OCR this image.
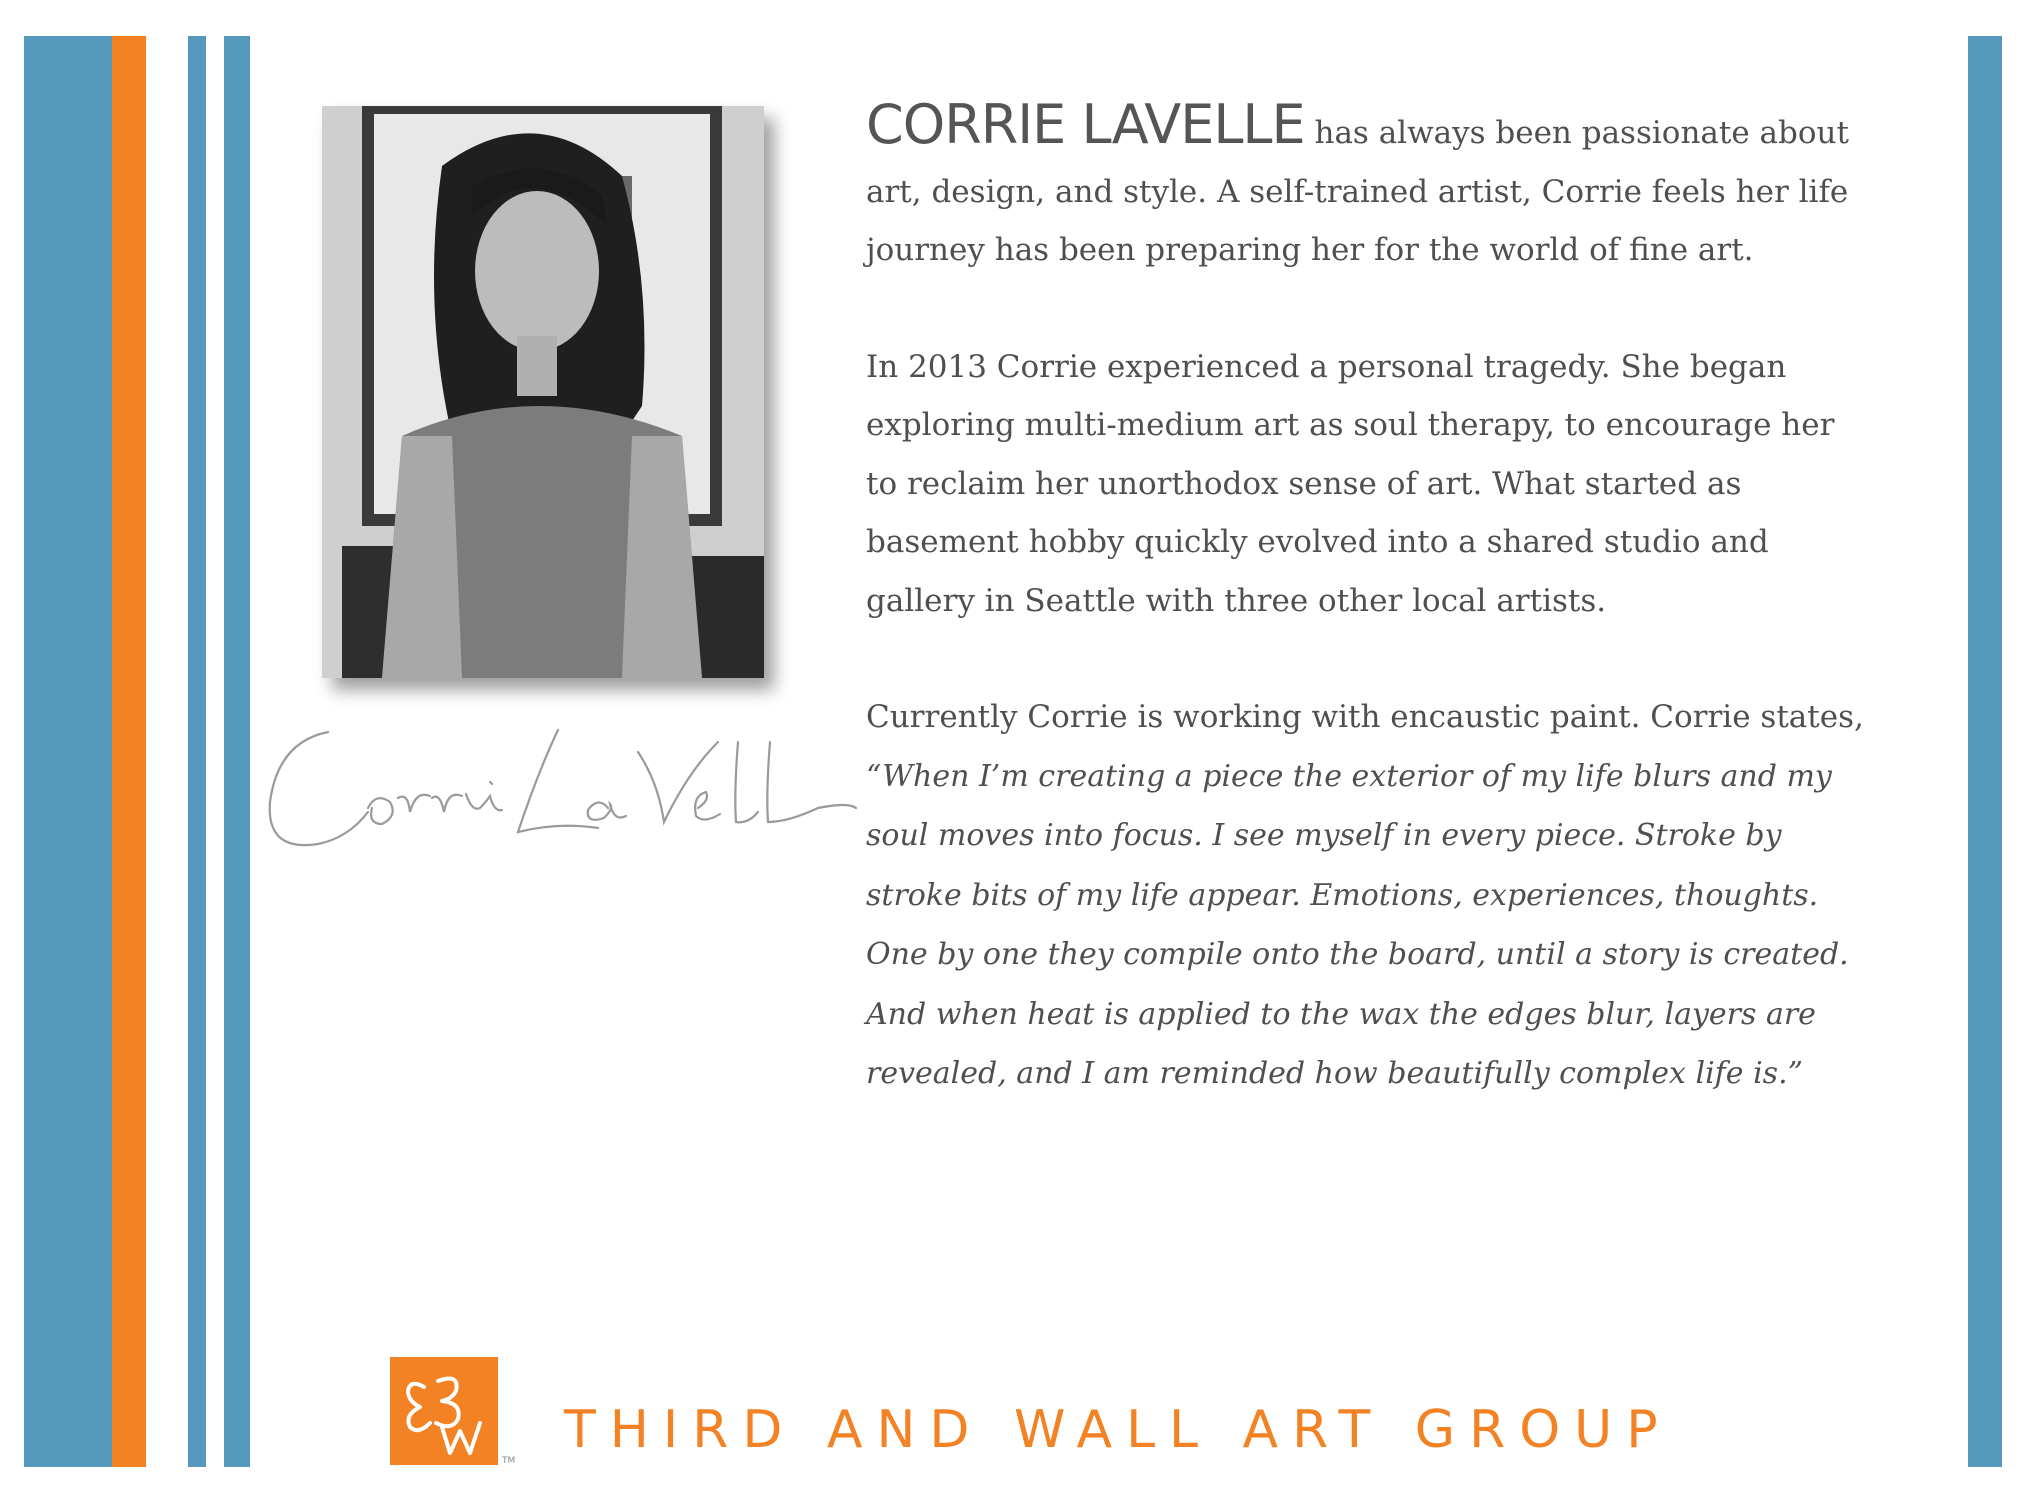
CORRIE LAVELLE has always been passionate about art, design, and style. A self-trained artist, Corrie feels her life journey has been preparing her for the world of fine art.

In 2013 Corrie experienced a personal tragedy. She began exploring multi-medium art as soul therapy, to encourage her to reclaim her unorthodox sense of art. What started as basement hobby quickly evolved into a shared studio and gallery in Seattle with three other local artists.

Currently Corrie is working with encaustic paint. Corrie states, “When I’m creating a piece the exterior of my life blurs and my soul moves into focus. I see myself in every piece. Stroke by stroke bits of my life appear. Emotions, experiences, thoughts. One by one they compile onto the board, until a story is created. And when heat is applied to the wax the edges blur, layers are revealed, and I am reminded how beautifully complex life is.”

TM
THIRD AND WALL ART GROUP
